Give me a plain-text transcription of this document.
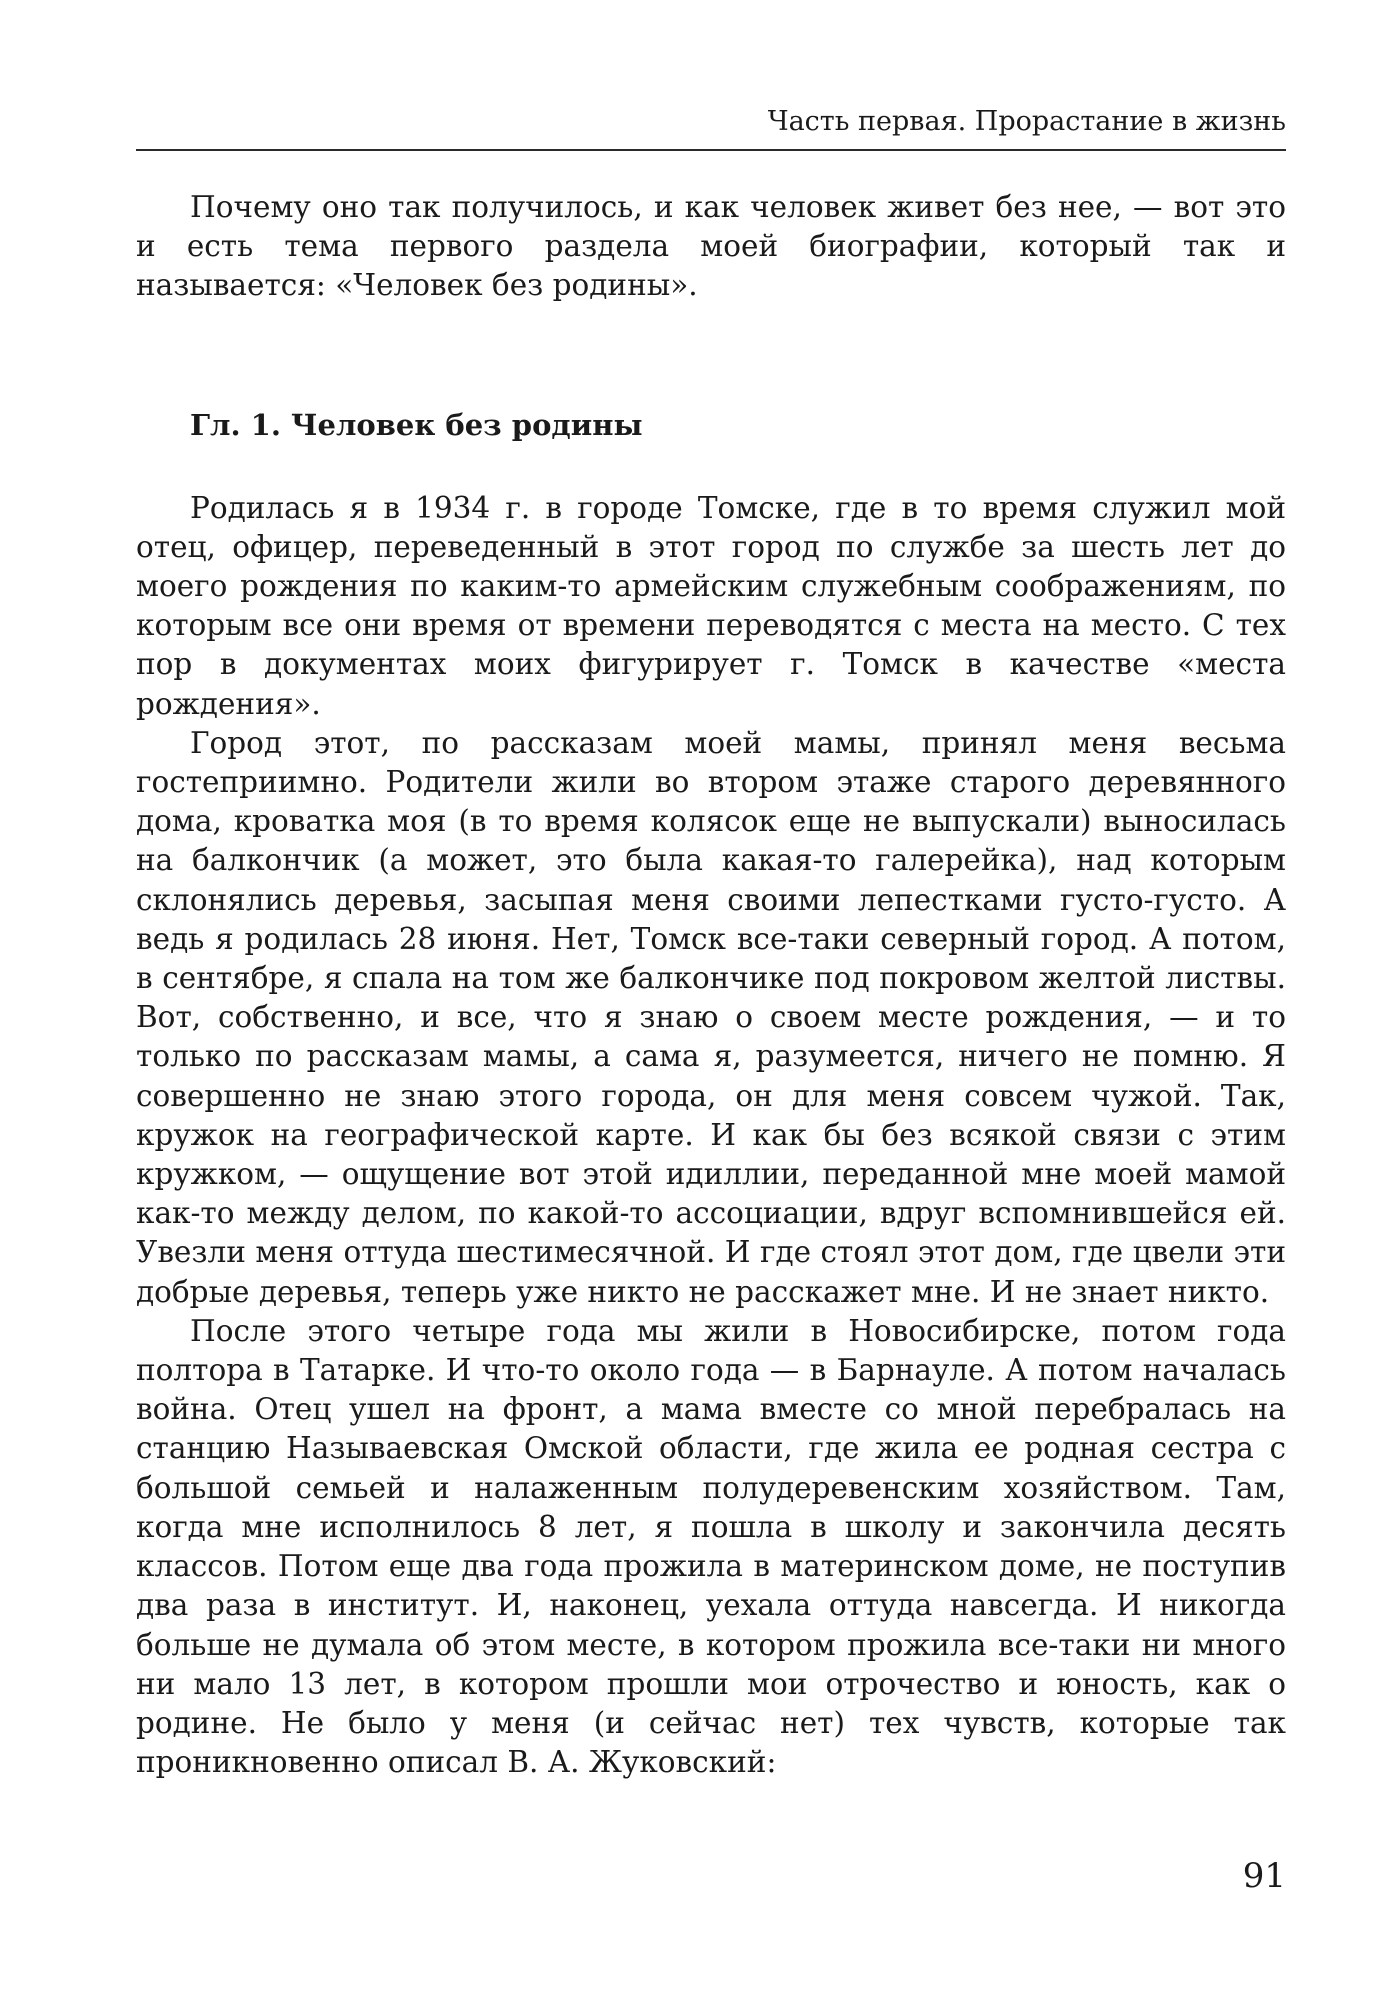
Часть первая. Прорастание в жизнь

Почему оно так получилось, и как человек живет без нее, — вот это и есть тема первого раздела моей биографии, который так и называется: «Человек без родины».

Гл. 1. Человек без родины

Родилась я в 1934 г. в городе Томске, где в то время служил мой отец, офицер, переведенный в этот город по службе за шесть лет до моего рождения по каким-то армейским служебным соображениям, по которым все они время от времени переводятся с места на место. С тех пор в документах моих фигурирует г. Томск в качестве «места рождения».

Город этот, по рассказам моей мамы, принял меня весьма гостеприимно. Родители жили во втором этаже старого деревянного дома, кроватка моя (в то время колясок еще не выпускали) выносилась на балкончик (а может, это была какая-то галерейка), над которым склонялись деревья, засыпая меня своими лепестками густо-густо. А ведь я родилась 28 июня. Нет, Томск все-таки северный город. А потом, в сентябре, я спала на том же балкончике под покровом желтой листвы. Вот, собственно, и все, что я знаю о своем месте рождения, — и то только по рассказам мамы, а сама я, разумеется, ничего не помню. Я совершенно не знаю этого города, он для меня совсем чужой. Так, кружок на географической карте. И как бы без всякой связи с этим кружком, — ощущение вот этой идиллии, переданной мне моей мамой как-то между делом, по какой-то ассоциации, вдруг вспомнившейся ей. Увезли меня оттуда шестимесячной. И где стоял этот дом, где цвели эти добрые деревья, теперь уже никто не расскажет мне. И не знает никто.

После этого четыре года мы жили в Новосибирске, потом года полтора в Татарке. И что-то около года — в Барнауле. А потом началась война. Отец ушел на фронт, а мама вместе со мной перебралась на станцию Называевская Омской области, где жила ее родная сестра с большой семьей и налаженным полудеревенским хозяйством. Там, когда мне исполнилось 8 лет, я пошла в школу и закончила десять классов. Потом еще два года прожила в материнском доме, не поступив два раза в институт. И, наконец, уехала оттуда навсегда. И никогда больше не думала об этом месте, в котором прожила все-таки ни много ни мало 13 лет, в котором прошли мои отрочество и юность, как о родине. Не было у меня (и сейчас нет) тех чувств, которые так проникновенно описал В. А. Жуковский:

91
